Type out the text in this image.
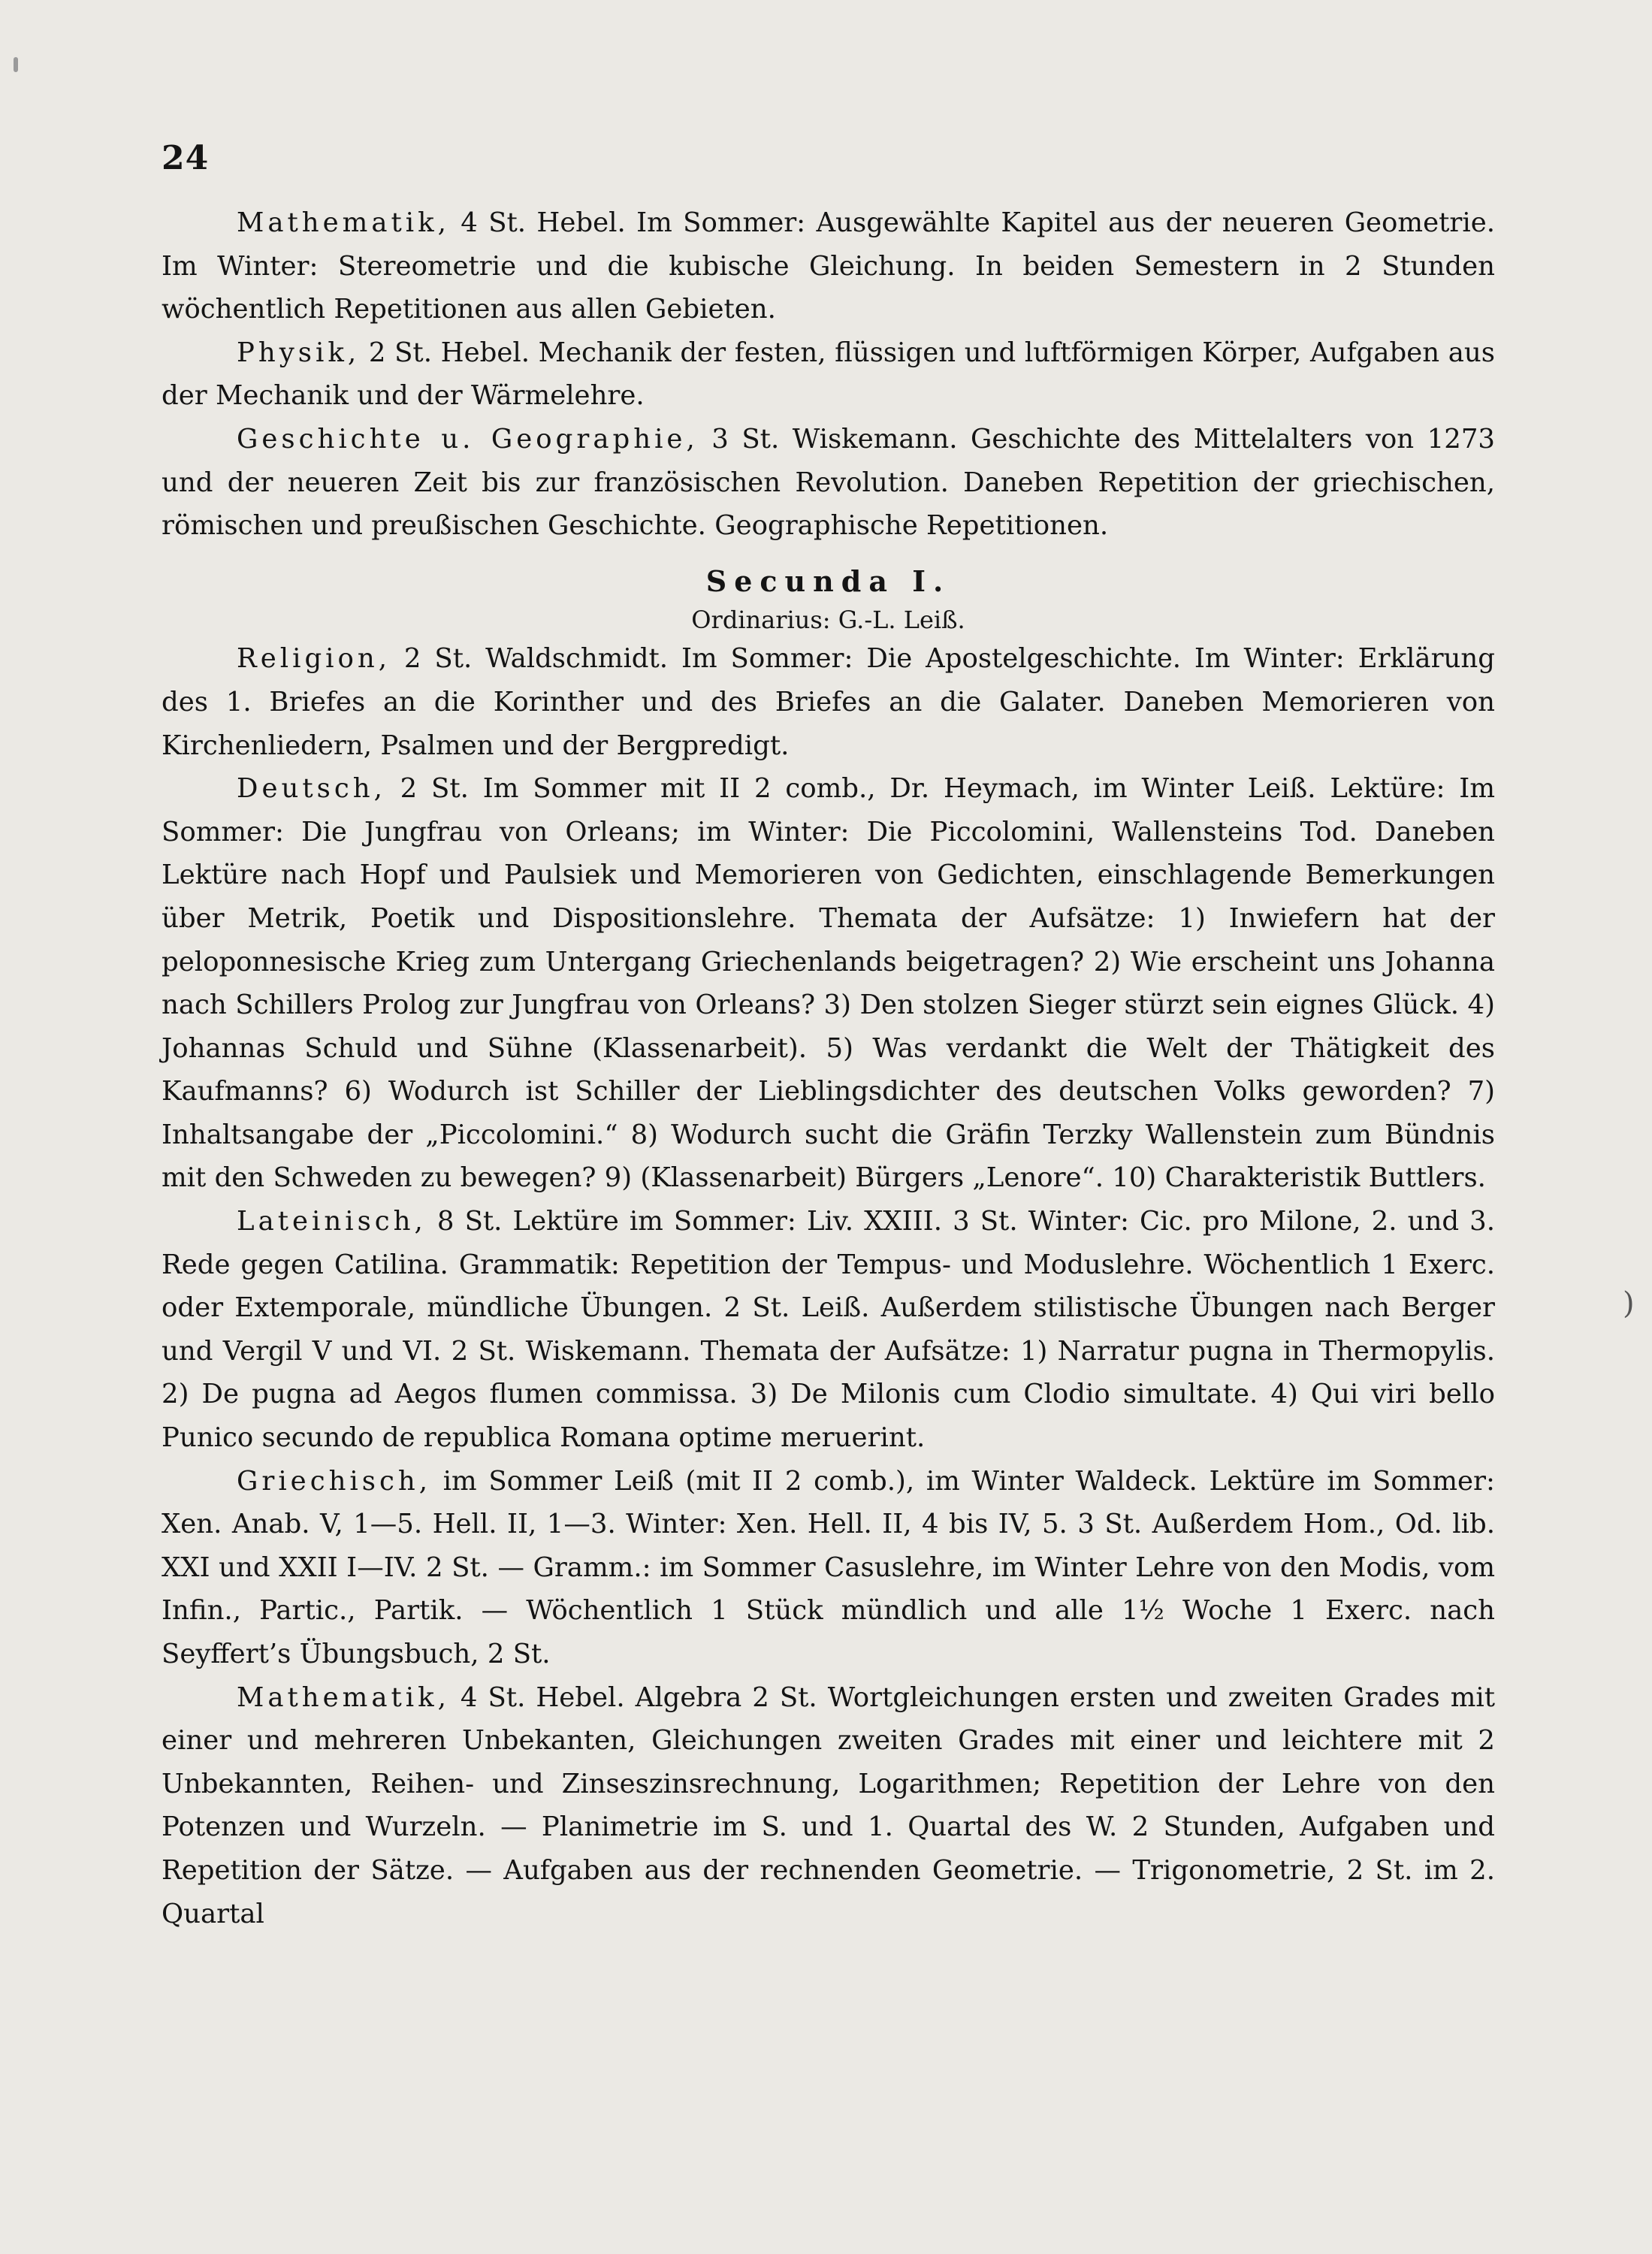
)
24

Mathematik, 4 St. Hebel. Im Sommer: Ausgewählte Kapitel aus der neueren Geometrie. Im Winter: Stereometrie und die kubische Gleichung. In beiden Semestern in 2 Stunden wöchentlich Repetitionen aus allen Gebieten.

Physik, 2 St. Hebel. Mechanik der festen, flüssigen und luftförmigen Körper, Aufgaben aus der Mechanik und der Wärmelehre.

Geschichte u. Geographie, 3 St. Wiskemann. Geschichte des Mittelalters von 1273 und der neueren Zeit bis zur französischen Revolution. Daneben Repetition der griechischen, römischen und preußischen Geschichte. Geographische Repetitionen.

Secunda I.

Ordinarius: G.-L. Leiß.

Religion, 2 St. Waldschmidt. Im Sommer: Die Apostelgeschichte. Im Winter: Erklärung des 1. Briefes an die Korinther und des Briefes an die Galater. Daneben Memorieren von Kirchenliedern, Psalmen und der Bergpredigt.

Deutsch, 2 St. Im Sommer mit II 2 comb., Dr. Heymach, im Winter Leiß. Lektüre: Im Sommer: Die Jungfrau von Orleans; im Winter: Die Piccolomini, Wallensteins Tod. Daneben Lektüre nach Hopf und Paulsiek und Memorieren von Gedichten, einschlagende Bemerkungen über Metrik, Poetik und Dispositionslehre. Themata der Aufsätze: 1) Inwiefern hat der peloponnesische Krieg zum Untergang Griechenlands beigetragen? 2) Wie erscheint uns Johanna nach Schillers Prolog zur Jungfrau von Orleans? 3) Den stolzen Sieger stürzt sein eignes Glück. 4) Johannas Schuld und Sühne (Klassenarbeit). 5) Was verdankt die Welt der Thätigkeit des Kaufmanns? 6) Wodurch ist Schiller der Lieblingsdichter des deutschen Volks geworden? 7) Inhaltsangabe der „Piccolomini.“ 8) Wodurch sucht die Gräfin Terzky Wallenstein zum Bündnis mit den Schweden zu bewegen? 9) (Klassenarbeit) Bürgers „Lenore“. 10) Charakteristik Buttlers.

Lateinisch, 8 St. Lektüre im Sommer: Liv. XXIII. 3 St. Winter: Cic. pro Milone, 2. und 3. Rede gegen Catilina. Grammatik: Repetition der Tempus- und Moduslehre. Wöchentlich 1 Exerc. oder Extemporale, mündliche Übungen. 2 St. Leiß. Außerdem stilistische Übungen nach Berger und Vergil V und VI. 2 St. Wiskemann. Themata der Aufsätze: 1) Narratur pugna in Thermopylis. 2) De pugna ad Aegos flumen commissa. 3) De Milonis cum Clodio simultate. 4) Qui viri bello Punico secundo de republica Romana optime meruerint.

Griechisch, im Sommer Leiß (mit II 2 comb.), im Winter Waldeck. Lektüre im Sommer: Xen. Anab. V, 1—5. Hell. II, 1—3. Winter: Xen. Hell. II, 4 bis IV, 5. 3 St. Außerdem Hom., Od. lib. XXI und XXII I—IV. 2 St. — Gramm.: im Sommer Casuslehre, im Winter Lehre von den Modis, vom Infin., Partic., Partik. — Wöchentlich 1 Stück mündlich und alle 1½ Woche 1 Exerc. nach Seyffert’s Übungsbuch, 2 St.

Mathematik, 4 St. Hebel. Algebra 2 St. Wortgleichungen ersten und zweiten Grades mit einer und mehreren Unbekanten, Gleichungen zweiten Grades mit einer und leichtere mit 2 Unbekannten, Reihen- und Zinseszinsrechnung, Logarithmen; Repetition der Lehre von den Potenzen und Wurzeln. — Planimetrie im S. und 1. Quartal des W. 2 Stunden, Aufgaben und Repetition der Sätze. — Aufgaben aus der rechnenden Geometrie. — Trigonometrie, 2 St. im 2. Quartal
